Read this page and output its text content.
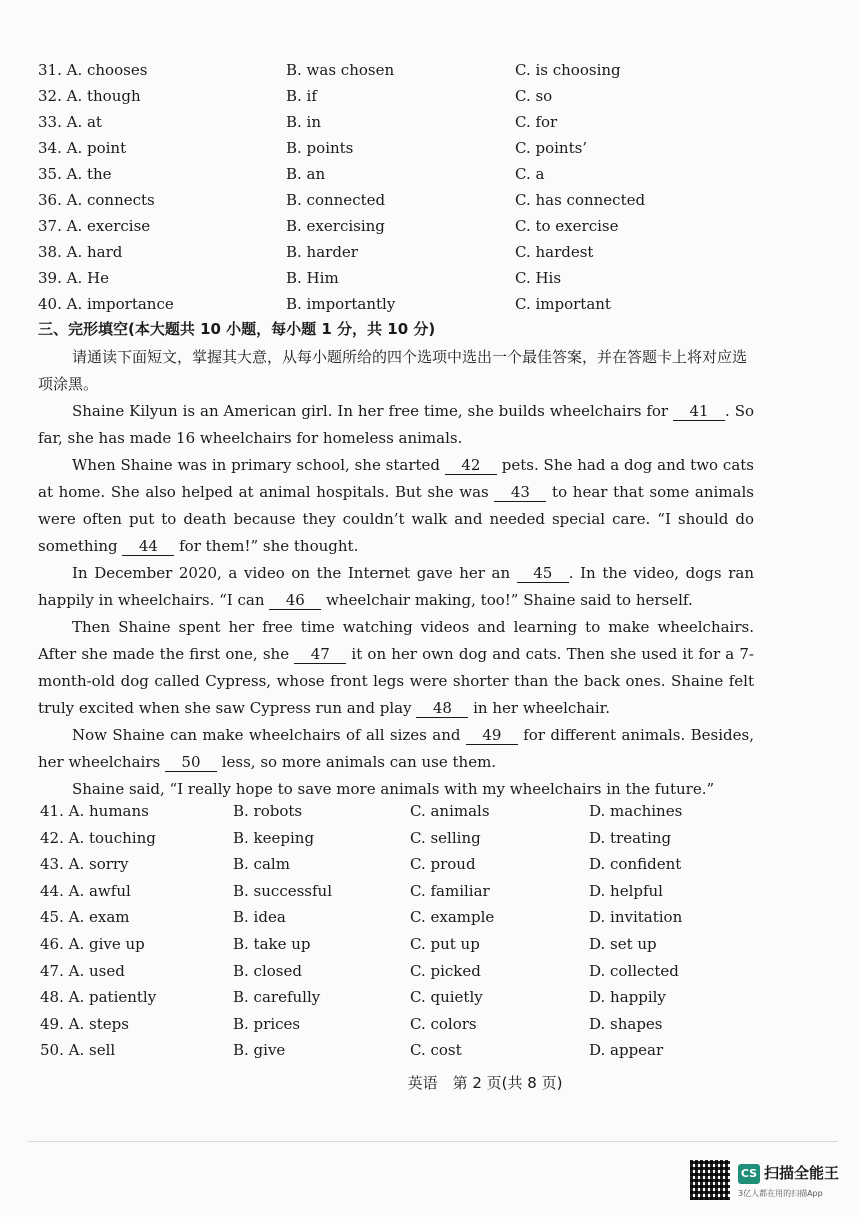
31. A. chooses	B. was chosen	C. is choosing
32. A. though	B. if	C. so
33. A. at	B. in	C. for
34. A. point	B. points	C. points’
35. A. the	B. an	C. a
36. A. connects	B. connected	C. has connected
37. A. exercise	B. exercising	C. to exercise
38. A. hard	B. harder	C. hardest
39. A. He	B. Him	C. His
40. A. importance	B. importantly	C. important
三、完形填空(本大题共 10 小题，每小题 1 分，共 10 分)
请通读下面短文，掌握其大意，从每小题所给的四个选项中选出一个最佳答案，并在答题卡上将对应选项涂黑。

Shaine Kilyun is an American girl. In her free time, she builds wheelchairs for 41 . So far, she has made 16 wheelchairs for homeless animals.

When Shaine was in primary school, she started 42 pets. She had a dog and two cats at home. She also helped at animal hospitals. But she was 43 to hear that some animals were often put to death because they couldn’t walk and needed special care. “I should do something 44 for them!” she thought.

In December 2020, a video on the Internet gave her an 45 . In the video, dogs ran happily in wheelchairs. “I can 46 wheelchair making, too!” Shaine said to herself.

Then Shaine spent her free time watching videos and learning to make wheelchairs. After she made the first one, she 47 it on her own dog and cats. Then she used it for a 7-month-old dog called Cypress, whose front legs were shorter than the back ones. Shaine felt truly excited when she saw Cypress run and play 48 in her wheelchair.

Now Shaine can make wheelchairs of all sizes and 49 for different animals. Besides, her wheelchairs 50 less, so more animals can use them.

Shaine said, “I really hope to save more animals with my wheelchairs in the future.”

41. A. humans	B. robots	C. animals	D. machines
42. A. touching	B. keeping	C. selling	D. treating
43. A. sorry	B. calm	C. proud	D. confident
44. A. awful	B. successful	C. familiar	D. helpful
45. A. exam	B. idea	C. example	D. invitation
46. A. give up	B. take up	C. put up	D. set up
47. A. used	B. closed	C. picked	D. collected
48. A. patiently	B. carefully	C. quietly	D. happily
49. A. steps	B. prices	C. colors	D. shapes
50. A. sell	B. give	C. cost	D. appear
英语　第 2 页(共 8 页)
CS 扫描全能王
3亿人都在用的扫描App
